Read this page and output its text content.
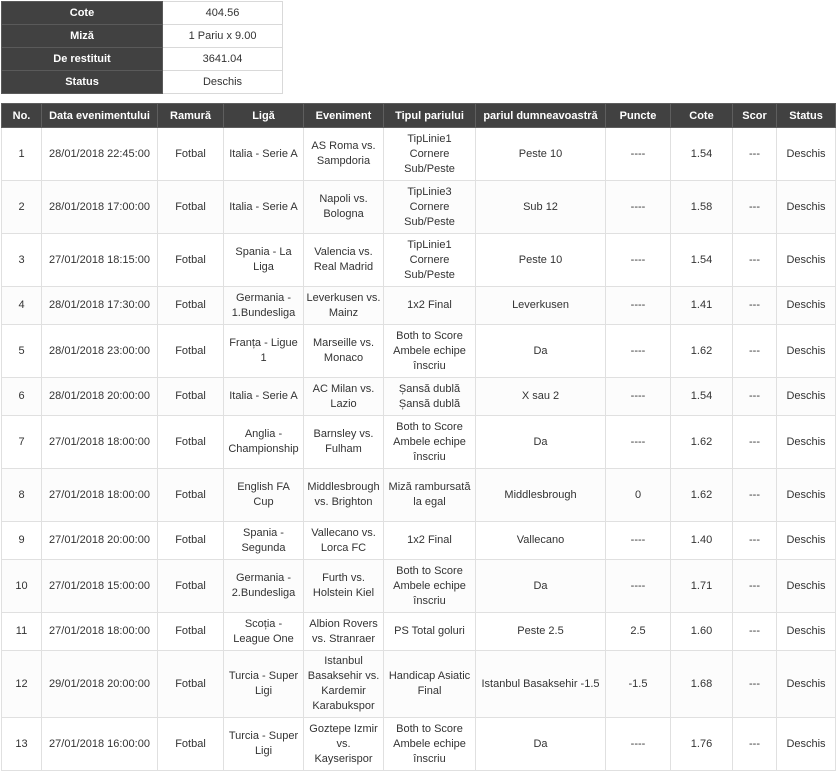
Cote	404.56
Miză	1 Pariu x 9.00
De restituit	3641.04
Status	Deschis
No.	Data evenimentului	Ramură	Ligă	Eveniment	Tipul pariului	pariul dumneavoastră	Puncte	Cote	Scor	Status
1	28/01/2018 22:45:00	Fotbal	Italia - Serie A	AS Roma vs. Sampdoria	TipLinie1 Cornere Sub/Peste	Peste 10	----	1.54	---	Deschis
2	28/01/2018 17:00:00	Fotbal	Italia - Serie A	Napoli vs. Bologna	TipLinie3 Cornere Sub/Peste	Sub 12	----	1.58	---	Deschis
3	27/01/2018 18:15:00	Fotbal	Spania - La Liga	Valencia vs. Real Madrid	TipLinie1 Cornere Sub/Peste	Peste 10	----	1.54	---	Deschis
4	28/01/2018 17:30:00	Fotbal	Germania - 1.Bundesliga	Leverkusen vs. Mainz	1x2 Final	Leverkusen	----	1.41	---	Deschis
5	28/01/2018 23:00:00	Fotbal	Franța - Ligue 1	Marseille vs. Monaco	Both to Score Ambele echipe înscriu	Da	----	1.62	---	Deschis
6	28/01/2018 20:00:00	Fotbal	Italia - Serie A	AC Milan vs. Lazio	Șansă dublă Șansă dublă	X sau 2	----	1.54	---	Deschis
7	27/01/2018 18:00:00	Fotbal	Anglia - Championship	Barnsley vs. Fulham	Both to Score Ambele echipe înscriu	Da	----	1.62	---	Deschis
8	27/01/2018 18:00:00	Fotbal	English FA Cup	Middlesbrough vs. Brighton	Miză rambursată la egal	Middlesbrough	0	1.62	---	Deschis
9	27/01/2018 20:00:00	Fotbal	Spania - Segunda	Vallecano vs. Lorca FC	1x2 Final	Vallecano	----	1.40	---	Deschis
10	27/01/2018 15:00:00	Fotbal	Germania - 2.Bundesliga	Furth vs. Holstein Kiel	Both to Score Ambele echipe înscriu	Da	----	1.71	---	Deschis
11	27/01/2018 18:00:00	Fotbal	Scoția - League One	Albion Rovers vs. Stranraer	PS Total goluri	Peste 2.5	2.5	1.60	---	Deschis
12	29/01/2018 20:00:00	Fotbal	Turcia - Super Ligi	Istanbul Basaksehir vs. Kardemir Karabukspor	Handicap Asiatic Final	Istanbul Basaksehir -1.5	-1.5	1.68	---	Deschis
13	27/01/2018 16:00:00	Fotbal	Turcia - Super Ligi	Goztepe Izmir vs. Kayserispor	Both to Score Ambele echipe înscriu	Da	----	1.76	---	Deschis
